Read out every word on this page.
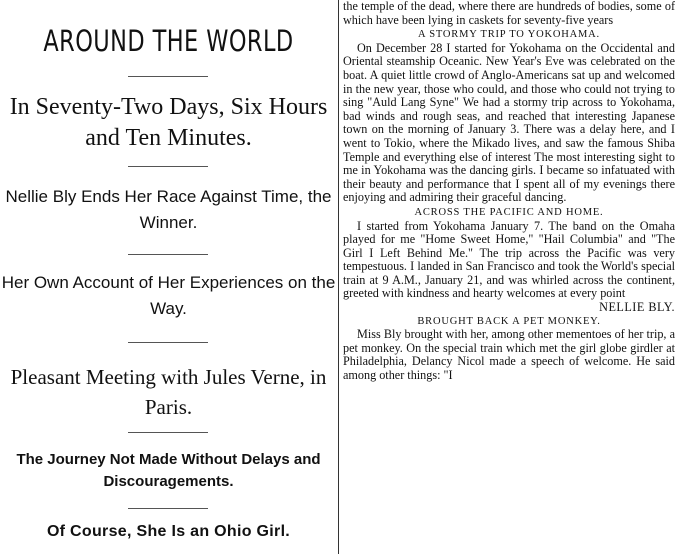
AROUND THE WORLD
In Seventy-Two Days, Six Hours and Ten Minutes.
Nellie Bly Ends Her Race Against Time, the Winner.
Her Own Account of Her Experiences on the Way.
Pleasant Meeting with Jules Verne, in Paris.
The Journey Not Made Without Delays and Discouragements.
Of Course, She Is an Ohio Girl.

the temple of the dead, where there are hundreds of bodies, some of which have been lying in caskets for seventy-five years

A STORMY TRIP TO YOKOHAMA.

On December 28 I started for Yokohama on the Occidental and Oriental steamship Oceanic. New Year's Eve was celebrated on the boat. A quiet little crowd of Anglo-Americans sat up and welcomed in the new year, those who could, and those who could not trying to sing "Auld Lang Syne" We had a stormy trip across to Yokohama, bad winds and rough seas, and reached that interesting Japanese town on the morning of January 3. There was a delay here, and I went to Tokio, where the Mikado lives, and saw the famous Shiba Temple and everything else of interest The most interesting sight to me in Yokohama was the dancing girls. I became so infatuated with their beauty and performance that I spent all of my evenings there enjoying and admiring their graceful dancing.

ACROSS THE PACIFIC AND HOME.

I started from Yokohama January 7. The band on the Omaha played for me "Home Sweet Home," "Hail Columbia" and "The Girl I Left Behind Me." The trip across the Pacific was very tempestuous. I landed in San Francisco and took the World's special train at 9 A.M., January 21, and was whirled across the continent, greeted with kindness and hearty welcomes at every point
NELLIE BLY.

BROUGHT BACK A PET MONKEY.

Miss Bly brought with her, among other mementoes of her trip, a pet monkey. On the special train which met the girl globe girdler at Philadelphia, Delancy Nicol made a speech of welcome. He said among other things: "I
